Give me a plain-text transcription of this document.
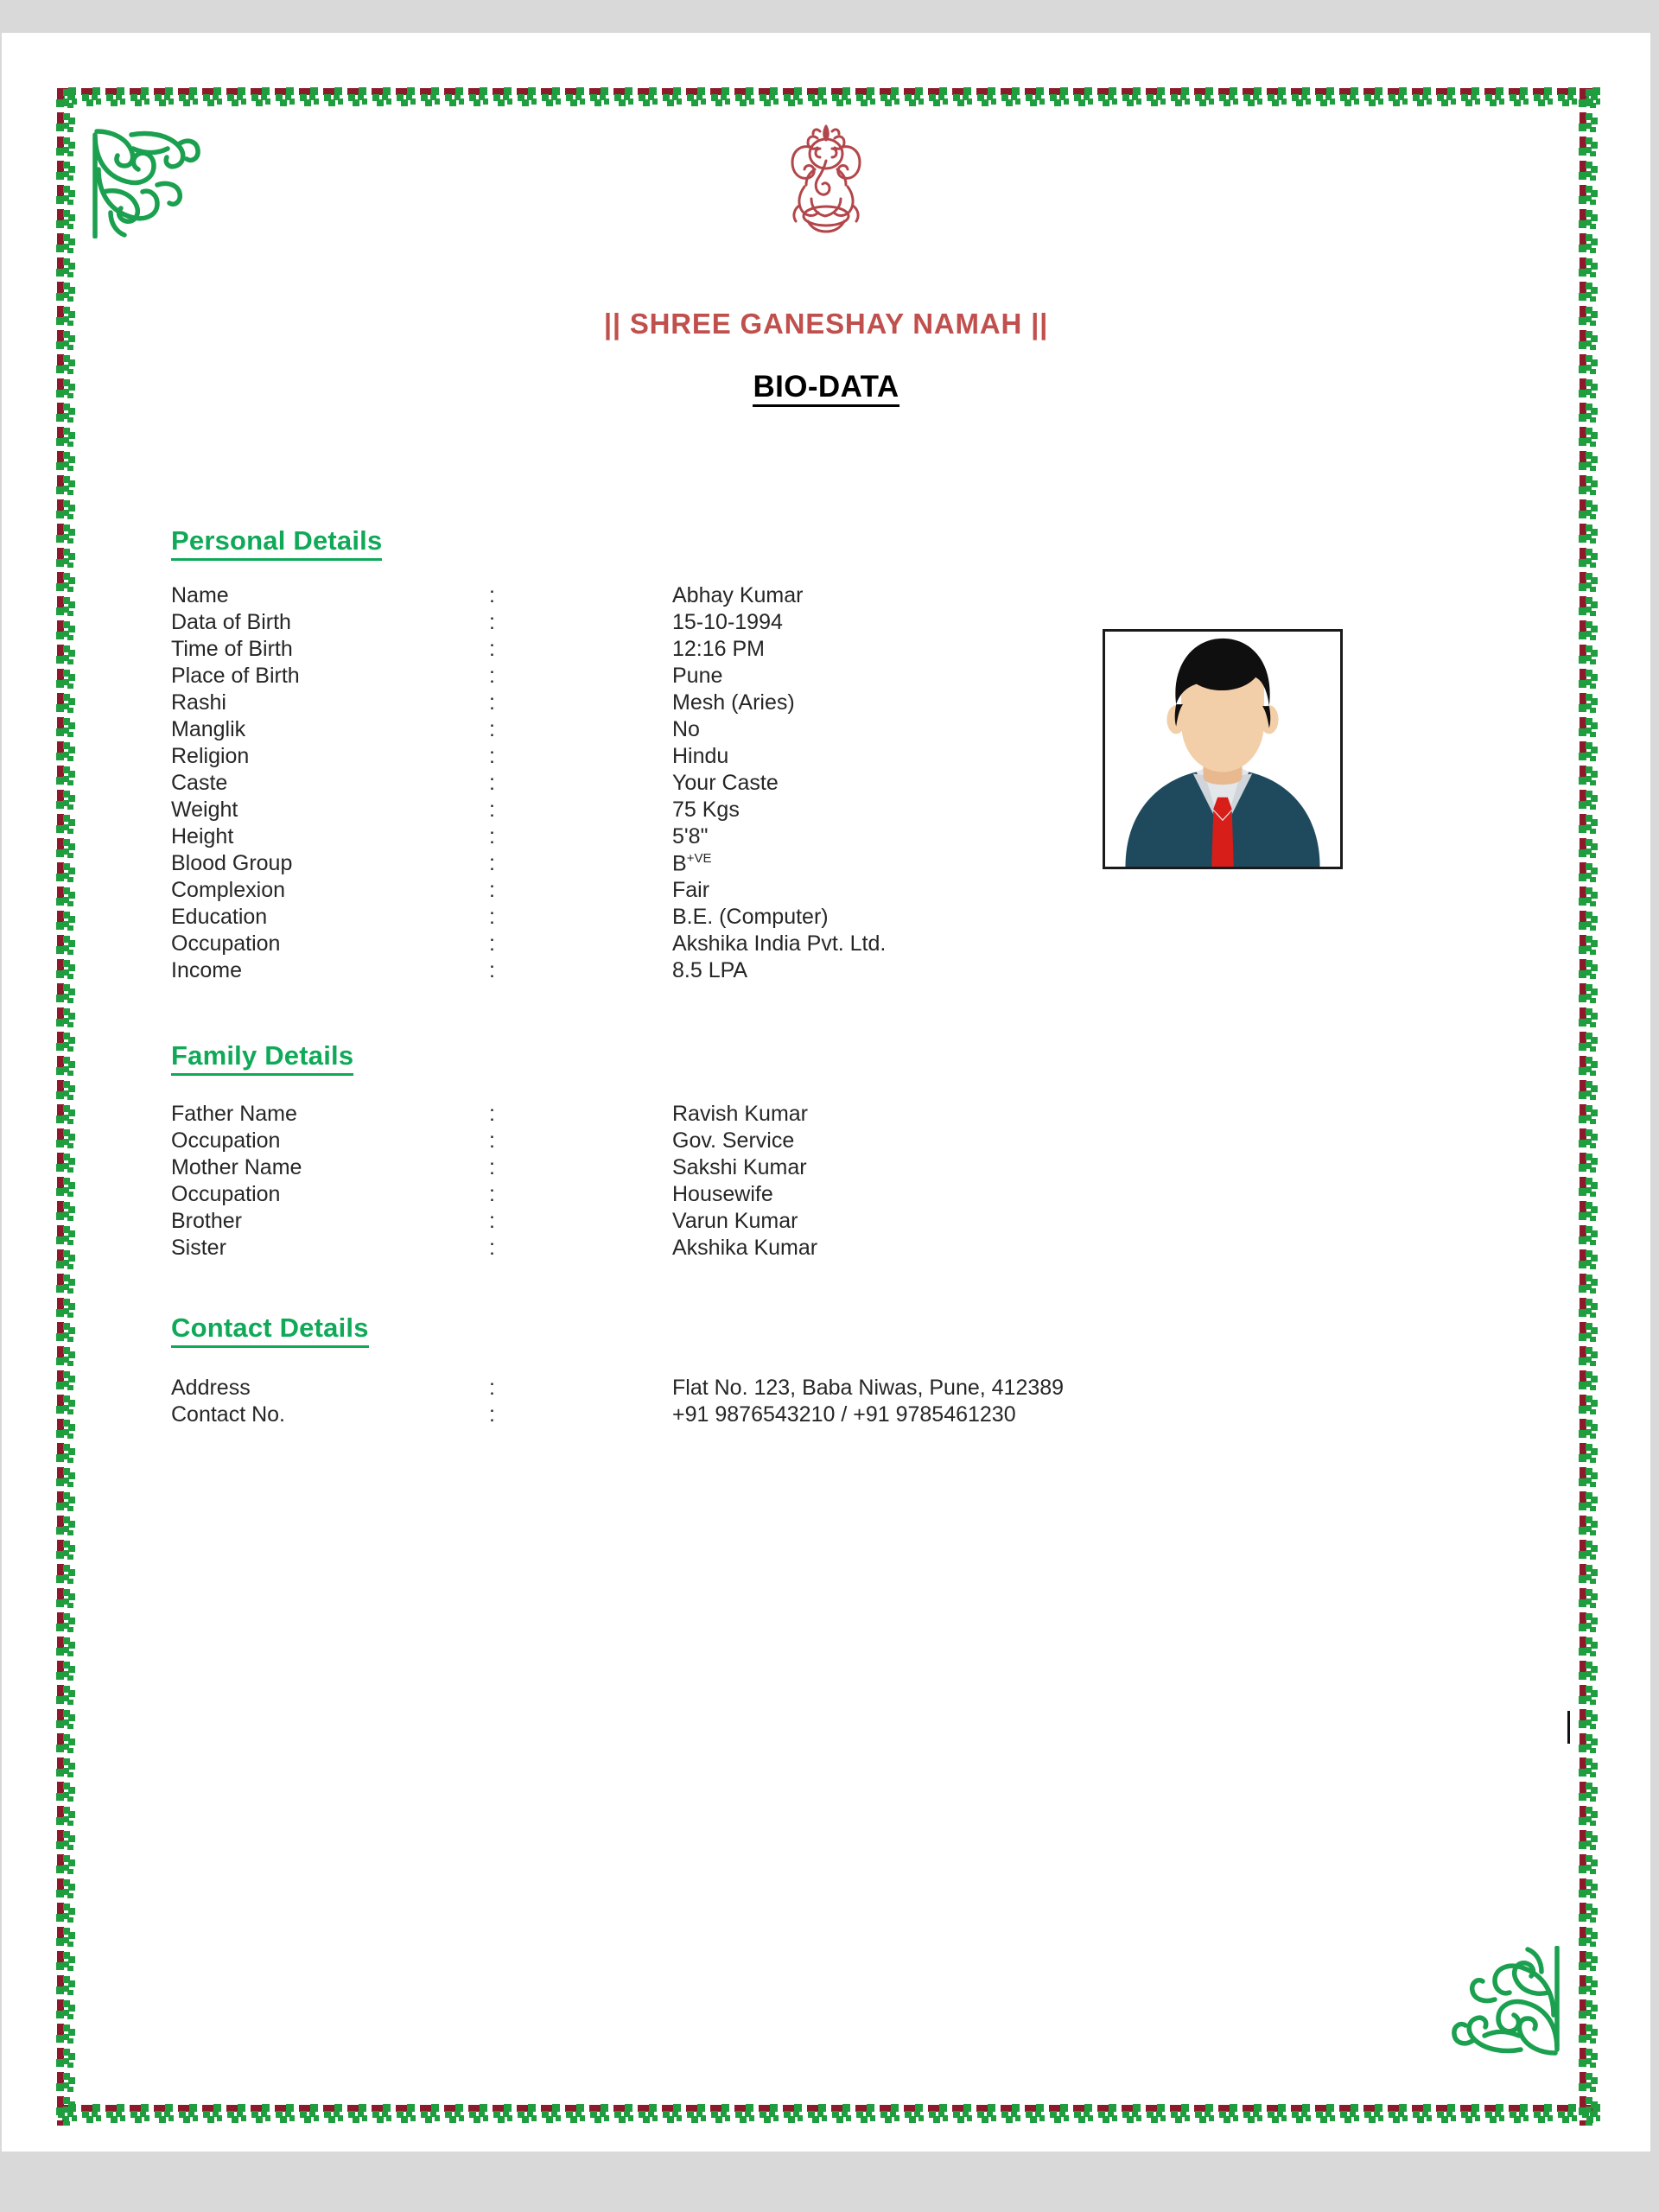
|| SHREE GANESHAY NAMAH ||
BIO-DATA
Personal Details
Name	:	Abhay Kumar
Data of Birth	:	15-10-1994
Time of Birth	:	12:16 PM
Place of Birth	:	Pune
Rashi	:	Mesh (Aries)
Manglik	:	No
Religion	:	Hindu
Caste	:	Your Caste
Weight	:	75 Kgs
Height	:	5'8"
Blood Group	:	$B^{+VE}$
Complexion	:	Fair
Education	:	B.E. (Computer)
Occupation	:	Akshika India Pvt. Ltd.
Income	:	8.5 LPA
Family Details
Father Name	:	Ravish Kumar
Occupation	:	Gov. Service
Mother Name	:	Sakshi Kumar
Occupation	:	Housewife
Brother	:	Varun Kumar
Sister	:	Akshika Kumar
Contact Details
Address	:	Flat No. 123, Baba Niwas, Pune, 412389
Contact No.	:	+91 9876543210 / +91 9785461230
